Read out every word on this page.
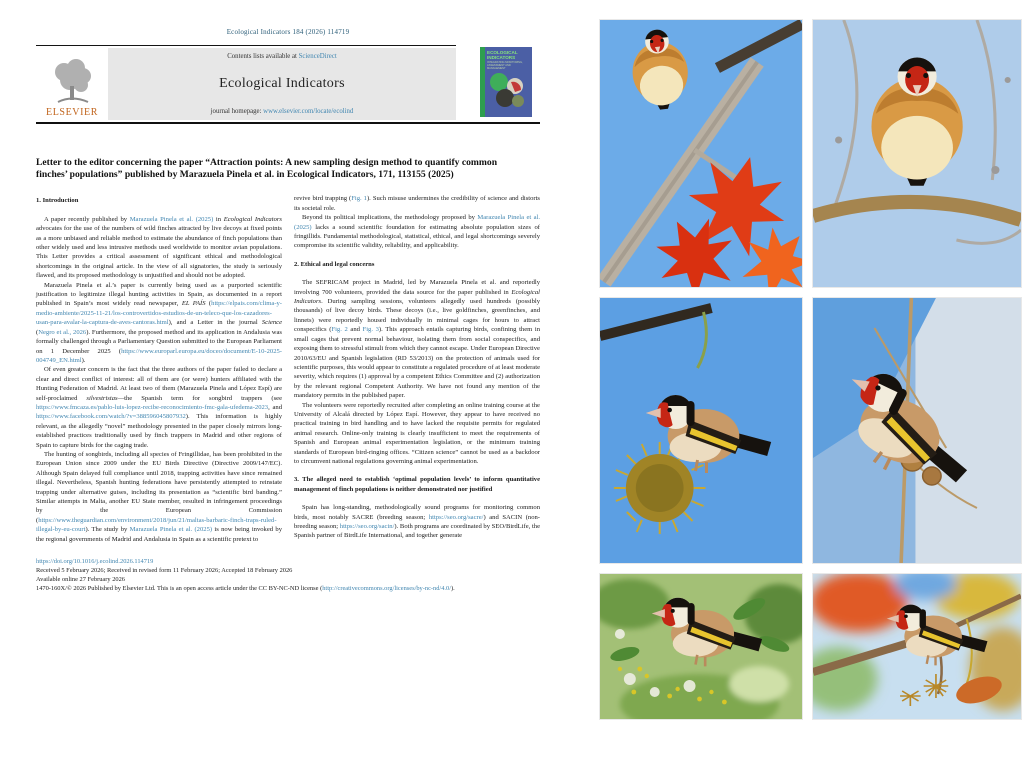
Ecological Indicators 184 (2026) 114719
ELSEVIER
Contents lists available at ScienceDirect
Ecological Indicators
journal homepage: www.elsevier.com/locate/ecolind
ECOLOGICAL
INDICATORS
INTEGRATING MONITORING, ASSESSMENT AND MANAGEMENT
Letter to the editor concerning the paper “Attraction points: A new sampling design method to quantify common finches’ populations” published by Marazuela Pinela et al. in Ecological Indicators, 171, 113155 (2025)
1. Introduction

A paper recently published by Marazuela Pinela et al. (2025) in Ecological Indicators advocates for the use of the numbers of wild finches attracted by live decoys at fixed points as a more unbiased and reliable method to estimate the abundance of finch populations than other widely used and less intrusive methods used worldwide to monitor avian populations. This Letter provides a critical assessment of significant ethical and methodological shortcomings in the original article. In the view of all signatories, the study is seriously flawed, and its proposed methodology is unjustified and should not be adopted.

Marazuela Pinela et al.’s paper is currently being used as a purported scientific justification to legitimize illegal hunting activities in Spain, as documented in a report published in Spain’s most widely read newspaper, EL PAÍS (https://elpais.com/clima-y-medio-ambiente/2025-11-21/los-controvertidos-estudios-de-un-teleco-que-los-cazadores-usan-para-avalar-la-captura-de-aves-cantoras.html), and a Letter in the journal Science (Negro et al., 2026). Furthermore, the proposed method and its application in Andalusia was formally challenged through a Parliamentary Question submitted to the European Parliament on 1 December 2025 (https://www.europarl.europa.eu/doceo/document/E-10-2025-004749_EN.html).

Of even greater concern is the fact that the three authors of the paper failed to declare a clear and direct conflict of interest: all of them are (or were) hunters affiliated with the Hunting Federation of Madrid. At least two of them (Marazuela Pinela and López Espí) are self-proclaimed silvestristas—the Spanish term for songbird trappers (see https://www.fmcaza.es/pablo-luis-lopez-recibe-reconocimiento-fmc-gala-ufedema-2023, and https://www.facebook.com/watch/?v=388596045807932). This information is highly relevant, as the allegedly “novel” methodology presented in the paper closely mirrors long-established practices traditionally used by finch trappers in Madrid and other regions of Spain to capture birds for the caging trade.

The hunting of songbirds, including all species of Fringillidae, has been prohibited in the European Union since 2009 under the EU Birds Directive (Directive 2009/147/EC). Although Spain delayed full compliance until 2018, trapping activities have since remained illegal. Nevertheless, Spanish hunting federations have persistently attempted to reinstate trapping under alternative guises, including its presentation as “scientific bird banding.” Similar attempts in Malta, another EU State member, resulted in infringement proceedings by the European Commission (https://www.theguardian.com/environment/2018/jun/21/maltas-barbaric-finch-traps-ruled-illegal-by-eu-court). The study by Marazuela Pinela et al. (2025) is now being invoked by the regional governments of Madrid and Andalusia in Spain as a scientific pretext to

revive bird trapping (Fig. 1). Such misuse undermines the credibility of science and distorts its societal role.

Beyond its political implications, the methodology proposed by Marazuela Pinela et al. (2025) lacks a sound scientific foundation for estimating absolute population sizes of fringillids. Fundamental methodological, statistical, ethical, and legal shortcomings severely compromise its scientific validity, reliability, and applicability.

2. Ethical and legal concerns

The SEFRICAM project in Madrid, led by Marazuela Pinela et al. and reportedly involving 700 volunteers, provided the data source for the paper published in Ecological Indicators. During sampling sessions, volunteers allegedly used hundreds (possibly thousands) of live decoy birds. These decoys (i.e., live goldfinches, greenfinches, and linnets) were reportedly housed individually in minimal cages for hours to attract conspecifics (Fig. 2 and Fig. 3). This approach entails capturing birds, confining them in small cages that prevent normal behaviour, isolating them from social conspecifics, and exposing them to stressful stimuli from which they cannot escape. Under European Directive 2010/63/EU and Spanish legislation (RD 53/2013) on the protection of animals used for scientific purposes, this would appear to constitute a regulated procedure of at least moderate severity, which requires (1) approval by a competent Ethics Committee and (2) authorization by the relevant regional Competent Authority. We have not found any mention of the mandatory permits in the published paper.

The volunteers were reportedly recruited after completing an online training course at the University of Alcalá directed by López Espí. However, they appear to have received no practical training in bird handling and to have lacked the requisite permits for regulated animal research. Online-only training is clearly insufficient to meet the requirements of Spanish and European animal experimentation legislation, or the minimum training standards of European bird-ringing offices. “Citizen science” cannot be used as a backdoor to circumvent national regulations governing animal experimentation.

3. The alleged need to establish ‘optimal population levels’ to inform quantitative management of finch populations is neither demonstrated nor justified

Spain has long-standing, methodologically sound programs for monitoring common birds, most notably SACRE (breeding season; https://seo.org/sacre/) and SACIN (non-breeding season; https://seo.org/sacin/). Both programs are coordinated by SEO/BirdLife, the Spanish partner of BirdLife International, and together generate

https://doi.org/10.1016/j.ecolind.2026.114719
Received 5 February 2026; Received in revised form 11 February 2026; Accepted 18 February 2026
Available online 27 February 2026
1470-160X/© 2026 Published by Elsevier Ltd. This is an open access article under the CC BY-NC-ND license (http://creativecommons.org/licenses/by-nc-nd/4.0/).
